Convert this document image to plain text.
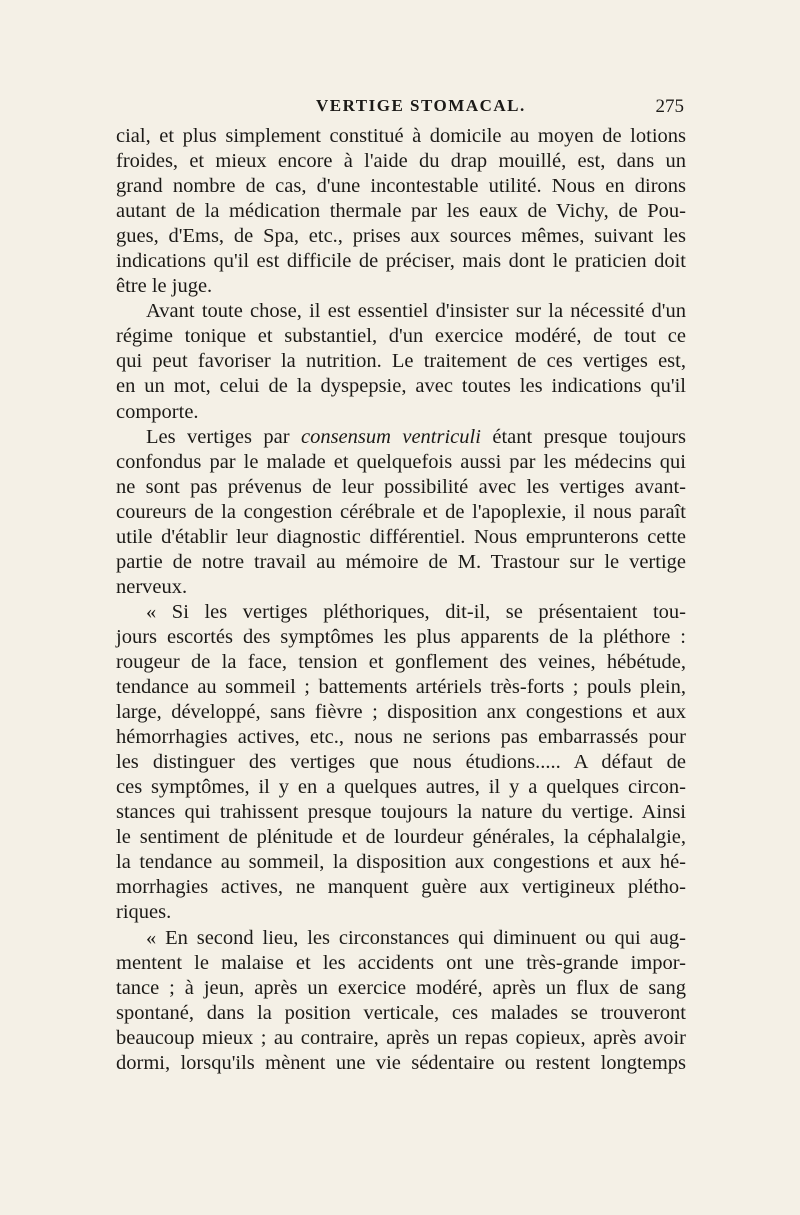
VERTIGE STOMACAL.	275
cial, et plus simplement constitué à domicile au moyen de lotions
froides, et mieux encore à l'aide du drap mouillé, est, dans un
grand nombre de cas, d'une incontestable utilité. Nous en dirons
autant de la médication thermale par les eaux de Vichy, de Pou-
gues, d'Ems, de Spa, etc., prises aux sources mêmes, suivant les
indications qu'il est difficile de préciser, mais dont le praticien doit
être le juge.
Avant toute chose, il est essentiel d'insister sur la nécessité d'un
régime tonique et substantiel, d'un exercice modéré, de tout ce
qui peut favoriser la nutrition. Le traitement de ces vertiges est,
en un mot, celui de la dyspepsie, avec toutes les indications qu'il
comporte.
Les vertiges par consensum ventriculi étant presque toujours
confondus par le malade et quelquefois aussi par les médecins qui
ne sont pas prévenus de leur possibilité avec les vertiges avant-
coureurs de la congestion cérébrale et de l'apoplexie, il nous paraît
utile d'établir leur diagnostic différentiel. Nous emprunterons cette
partie de notre travail au mémoire de M. Trastour sur le vertige
nerveux.
« Si les vertiges pléthoriques, dit-il, se présentaient tou-
jours escortés des symptômes les plus apparents de la pléthore :
rougeur de la face, tension et gonflement des veines, hébétude,
tendance au sommeil ; battements artériels très-forts ; pouls plein,
large, développé, sans fièvre ; disposition anx congestions et aux
hémorrhagies actives, etc., nous ne serions pas embarrassés pour
les distinguer des vertiges que nous étudions..... A défaut de
ces symptômes, il y en a quelques autres, il y a quelques circon-
stances qui trahissent presque toujours la nature du vertige. Ainsi
le sentiment de plénitude et de lourdeur générales, la céphalalgie,
la tendance au sommeil, la disposition aux congestions et aux hé-
morrhagies actives, ne manquent guère aux vertigineux plétho-
riques.
« En second lieu, les circonstances qui diminuent ou qui aug-
mentent le malaise et les accidents ont une très-grande impor-
tance ; à jeun, après un exercice modéré, après un flux de sang
spontané, dans la position verticale, ces malades se trouveront
beaucoup mieux ; au contraire, après un repas copieux, après avoir
dormi, lorsqu'ils mènent une vie sédentaire ou restent longtemps
